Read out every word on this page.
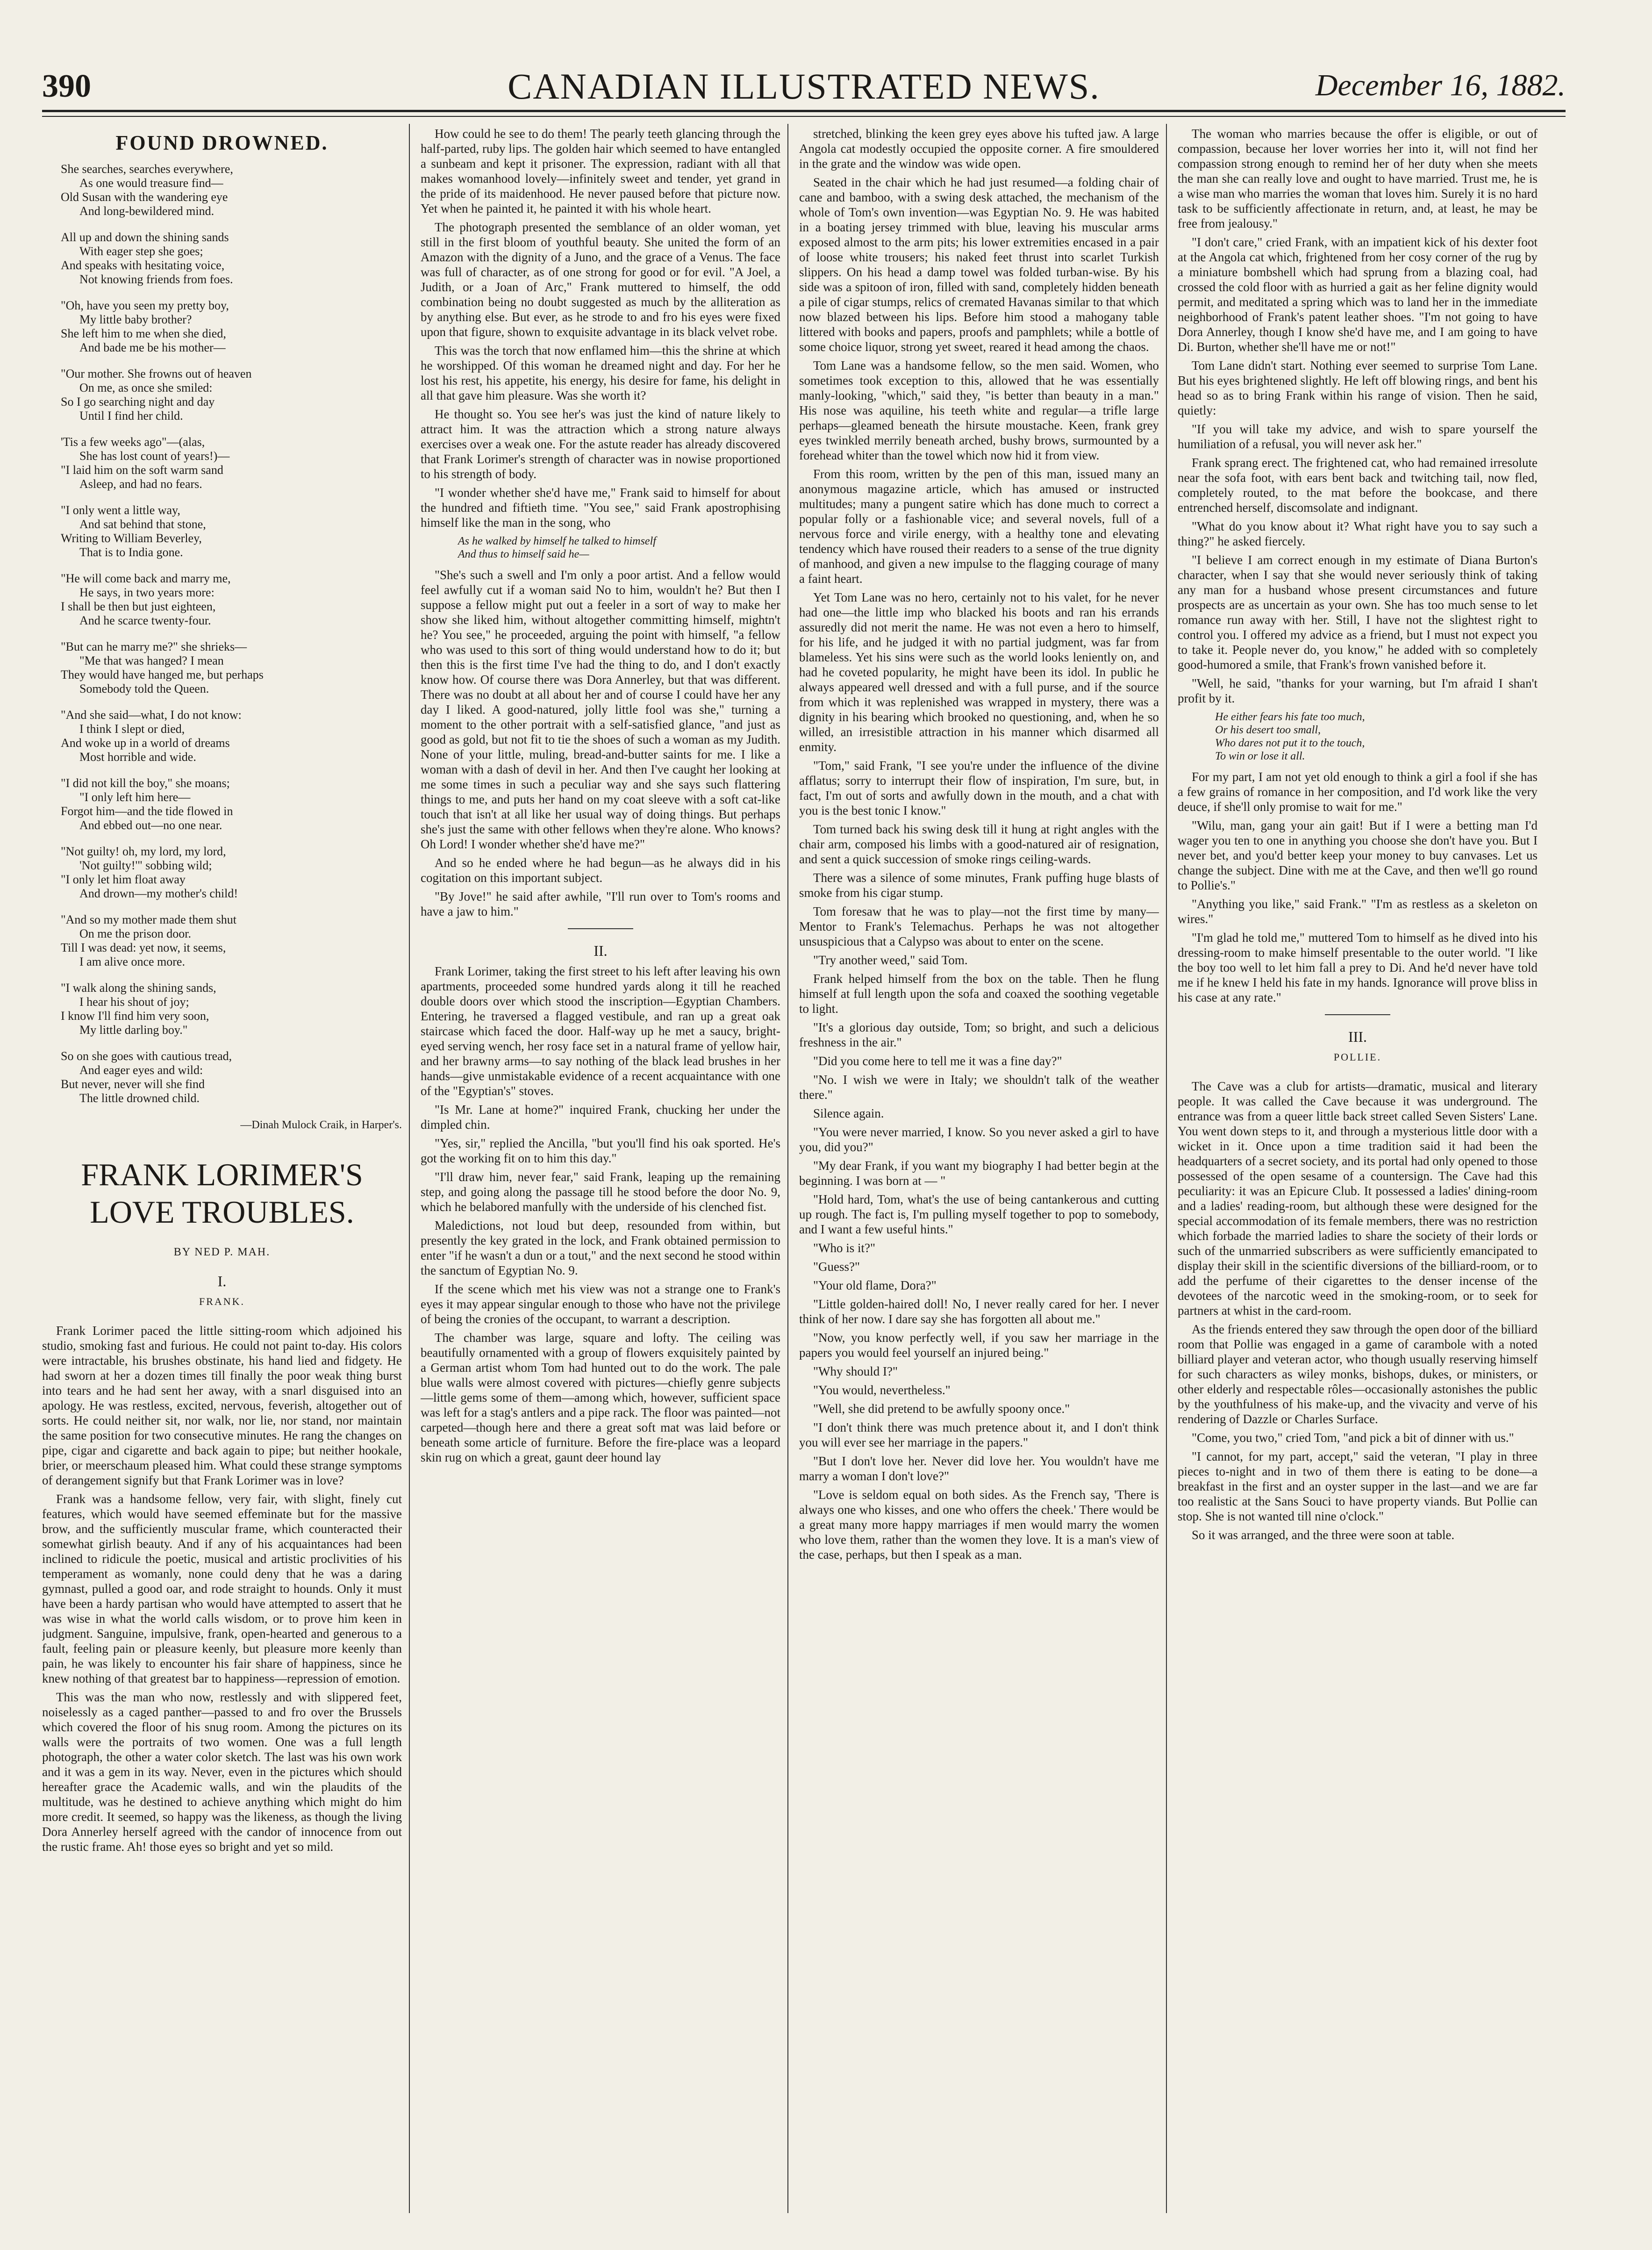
390	CANADIAN ILLUSTRATED NEWS.	December 16, 1882.
FOUND DROWNED.
She searches, searches everywhere,
As one would treasure find—
Old Susan with the wandering eye
And long-bewildered mind.
All up and down the shining sands
With eager step she goes;
And speaks with hesitating voice,
Not knowing friends from foes.
"Oh, have you seen my pretty boy,
My little baby brother?
She left him to me when she died,
And bade me be his mother—
"Our mother. She frowns out of heaven
On me, as once she smiled:
So I go searching night and day
Until I find her child.
'Tis a few weeks ago"—(alas,
She has lost count of years!)—
"I laid him on the soft warm sand
Asleep, and had no fears.
"I only went a little way,
And sat behind that stone,
Writing to William Beverley,
That is to India gone.
"He will come back and marry me,
He says, in two years more:
I shall be then but just eighteen,
And he scarce twenty-four.
"But can he marry me?" she shrieks—
"Me that was hanged? I mean
They would have hanged me, but perhaps
Somebody told the Queen.
"And she said—what, I do not know:
I think I slept or died,
And woke up in a world of dreams
Most horrible and wide.
"I did not kill the boy," she moans;
"I only left him here—
Forgot him—and the tide flowed in
And ebbed out—no one near.
"Not guilty! oh, my lord, my lord,
'Not guilty!'" sobbing wild;
"I only let him float away
And drown—my mother's child!
"And so my mother made them shut
On me the prison door.
Till I was dead: yet now, it seems,
I am alive once more.
"I walk along the shining sands,
I hear his shout of joy;
I know I'll find him very soon,
My little darling boy."
So on she goes with cautious tread,
And eager eyes and wild:
But never, never will she find
The little drowned child.
—Dinah Mulock Craik, in Harper's.
FRANK LORIMER'S LOVE TROUBLES.
BY NED P. MAH.
I.
FRANK.

Frank Lorimer paced the little sitting-room which adjoined his studio, smoking fast and furious. He could not paint to-day. His colors were intractable, his brushes obstinate, his hand lied and fidgety. He had sworn at her a dozen times till finally the poor weak thing burst into tears and he had sent her away, with a snarl disguised into an apology. He was restless, excited, nervous, feverish, altogether out of sorts. He could neither sit, nor walk, nor lie, nor stand, nor maintain the same position for two consecutive minutes. He rang the changes on pipe, cigar and cigarette and back again to pipe; but neither hookale, brier, or meerschaum pleased him. What could these strange symptoms of derangement signify but that Frank Lorimer was in love?

Frank was a handsome fellow, very fair, with slight, finely cut features, which would have seemed effeminate but for the massive brow, and the sufficiently muscular frame, which counteracted their somewhat girlish beauty. And if any of his acquaintances had been inclined to ridicule the poetic, musical and artistic proclivities of his temperament as womanly, none could deny that he was a daring gymnast, pulled a good oar, and rode straight to hounds. Only it must have been a hardy partisan who would have attempted to assert that he was wise in what the world calls wisdom, or to prove him keen in judgment. Sanguine, impulsive, frank, open-hearted and generous to a fault, feeling pain or pleasure keenly, but pleasure more keenly than pain, he was likely to encounter his fair share of happiness, since he knew nothing of that greatest bar to happiness—repression of emotion.

This was the man who now, restlessly and with slippered feet, noiselessly as a caged panther—passed to and fro over the Brussels which covered the floor of his snug room. Among the pictures on its walls were the portraits of two women. One was a full length photograph, the other a water color sketch. The last was his own work and it was a gem in its way. Never, even in the pictures which should hereafter grace the Academic walls, and win the plaudits of the multitude, was he destined to achieve anything which might do him more credit. It seemed, so happy was the likeness, as though the living Dora Annerley herself agreed with the candor of innocence from out the rustic frame. Ah! those eyes so bright and yet so mild.

How could he see to do them! The pearly teeth glancing through the half-parted, ruby lips. The golden hair which seemed to have entangled a sunbeam and kept it prisoner. The expression, radiant with all that makes womanhood lovely—infinitely sweet and tender, yet grand in the pride of its maidenhood. He never paused before that picture now. Yet when he painted it, he painted it with his whole heart.

The photograph presented the semblance of an older woman, yet still in the first bloom of youthful beauty. She united the form of an Amazon with the dignity of a Juno, and the grace of a Venus. The face was full of character, as of one strong for good or for evil. "A Joel, a Judith, or a Joan of Arc," Frank muttered to himself, the odd combination being no doubt suggested as much by the alliteration as by anything else. But ever, as he strode to and fro his eyes were fixed upon that figure, shown to exquisite advantage in its black velvet robe.

This was the torch that now enflamed him—this the shrine at which he worshipped. Of this woman he dreamed night and day. For her he lost his rest, his appetite, his energy, his desire for fame, his delight in all that gave him pleasure. Was she worth it?

He thought so. You see her's was just the kind of nature likely to attract him. It was the attraction which a strong nature always exercises over a weak one. For the astute reader has already discovered that Frank Lorimer's strength of character was in nowise proportioned to his strength of body.

"I wonder whether she'd have me," Frank said to himself for about the hundred and fiftieth time. "You see," said Frank apostrophising himself like the man in the song, who

As he walked by himself he talked to himself
And thus to himself said he—

"She's such a swell and I'm only a poor artist. And a fellow would feel awfully cut if a woman said No to him, wouldn't he? But then I suppose a fellow might put out a feeler in a sort of way to make her show she liked him, without altogether committing himself, mightn't he? You see," he proceeded, arguing the point with himself, "a fellow who was used to this sort of thing would understand how to do it; but then this is the first time I've had the thing to do, and I don't exactly know how. Of course there was Dora Annerley, but that was different. There was no doubt at all about her and of course I could have her any day I liked. A good-natured, jolly little fool was she," turning a moment to the other portrait with a self-satisfied glance, "and just as good as gold, but not fit to tie the shoes of such a woman as my Judith. None of your little, muling, bread-and-butter saints for me. I like a woman with a dash of devil in her. And then I've caught her looking at me some times in such a peculiar way and she says such flattering things to me, and puts her hand on my coat sleeve with a soft cat-like touch that isn't at all like her usual way of doing things. But perhaps she's just the same with other fellows when they're alone. Who knows? Oh Lord! I wonder whether she'd have me?"

And so he ended where he had begun—as he always did in his cogitation on this important subject.

"By Jove!" he said after awhile, "I'll run over to Tom's rooms and have a jaw to him."

II.

Frank Lorimer, taking the first street to his left after leaving his own apartments, proceeded some hundred yards along it till he reached double doors over which stood the inscription—Egyptian Chambers. Entering, he traversed a flagged vestibule, and ran up a great oak staircase which faced the door. Half-way up he met a saucy, bright-eyed serving wench, her rosy face set in a natural frame of yellow hair, and her brawny arms—to say nothing of the black lead brushes in her hands—give unmistakable evidence of a recent acquaintance with one of the "Egyptian's" stoves.

"Is Mr. Lane at home?" inquired Frank, chucking her under the dimpled chin.

"Yes, sir," replied the Ancilla, "but you'll find his oak sported. He's got the working fit on to him this day."

"I'll draw him, never fear," said Frank, leaping up the remaining step, and going along the passage till he stood before the door No. 9, which he belabored manfully with the underside of his clenched fist.

Maledictions, not loud but deep, resounded from within, but presently the key grated in the lock, and Frank obtained permission to enter "if he wasn't a dun or a tout," and the next second he stood within the sanctum of Egyptian No. 9.

If the scene which met his view was not a strange one to Frank's eyes it may appear singular enough to those who have not the privilege of being the cronies of the occupant, to warrant a description.

The chamber was large, square and lofty. The ceiling was beautifully ornamented with a group of flowers exquisitely painted by a German artist whom Tom had hunted out to do the work. The pale blue walls were almost covered with pictures—chiefly genre subjects—little gems some of them—among which, however, sufficient space was left for a stag's antlers and a pipe rack. The floor was painted—not carpeted—though here and there a great soft mat was laid before or beneath some article of furniture. Before the fire-place was a leopard skin rug on which a great, gaunt deer hound lay

stretched, blinking the keen grey eyes above his tufted jaw. A large Angola cat modestly occupied the opposite corner. A fire smouldered in the grate and the window was wide open.

Seated in the chair which he had just resumed—a folding chair of cane and bamboo, with a swing desk attached, the mechanism of the whole of Tom's own invention—was Egyptian No. 9. He was habited in a boating jersey trimmed with blue, leaving his muscular arms exposed almost to the arm pits; his lower extremities encased in a pair of loose white trousers; his naked feet thrust into scarlet Turkish slippers. On his head a damp towel was folded turban-wise. By his side was a spitoon of iron, filled with sand, completely hidden beneath a pile of cigar stumps, relics of cremated Havanas similar to that which now blazed between his lips. Before him stood a mahogany table littered with books and papers, proofs and pamphlets; while a bottle of some choice liquor, strong yet sweet, reared it head among the chaos.

Tom Lane was a handsome fellow, so the men said. Women, who sometimes took exception to this, allowed that he was essentially manly-looking, "which," said they, "is better than beauty in a man." His nose was aquiline, his teeth white and regular—a trifle large perhaps—gleamed beneath the hirsute moustache. Keen, frank grey eyes twinkled merrily beneath arched, bushy brows, surmounted by a forehead whiter than the towel which now hid it from view.

From this room, written by the pen of this man, issued many an anonymous magazine article, which has amused or instructed multitudes; many a pungent satire which has done much to correct a popular folly or a fashionable vice; and several novels, full of a nervous force and virile energy, with a healthy tone and elevating tendency which have roused their readers to a sense of the true dignity of manhood, and given a new impulse to the flagging courage of many a faint heart.

Yet Tom Lane was no hero, certainly not to his valet, for he never had one—the little imp who blacked his boots and ran his errands assuredly did not merit the name. He was not even a hero to himself, for his life, and he judged it with no partial judgment, was far from blameless. Yet his sins were such as the world looks leniently on, and had he coveted popularity, he might have been its idol. In public he always appeared well dressed and with a full purse, and if the source from which it was replenished was wrapped in mystery, there was a dignity in his bearing which brooked no questioning, and, when he so willed, an irresistible attraction in his manner which disarmed all enmity.

"Tom," said Frank, "I see you're under the influence of the divine afflatus; sorry to interrupt their flow of inspiration, I'm sure, but, in fact, I'm out of sorts and awfully down in the mouth, and a chat with you is the best tonic I know."

Tom turned back his swing desk till it hung at right angles with the chair arm, composed his limbs with a good-natured air of resignation, and sent a quick succession of smoke rings ceiling-wards.

There was a silence of some minutes, Frank puffing huge blasts of smoke from his cigar stump.

Tom foresaw that he was to play—not the first time by many—Mentor to Frank's Telemachus. Perhaps he was not altogether unsuspicious that a Calypso was about to enter on the scene.

"Try another weed," said Tom.

Frank helped himself from the box on the table. Then he flung himself at full length upon the sofa and coaxed the soothing vegetable to light.

"It's a glorious day outside, Tom; so bright, and such a delicious freshness in the air."

"Did you come here to tell me it was a fine day?"

"No. I wish we were in Italy; we shouldn't talk of the weather there."

Silence again.

"You were never married, I know. So you never asked a girl to have you, did you?"

"My dear Frank, if you want my biography I had better begin at the beginning. I was born at — "

"Hold hard, Tom, what's the use of being cantankerous and cutting up rough. The fact is, I'm pulling myself together to pop to somebody, and I want a few useful hints."

"Who is it?"

"Guess?"

"Your old flame, Dora?"

"Little golden-haired doll! No, I never really cared for her. I never think of her now. I dare say she has forgotten all about me."

"Now, you know perfectly well, if you saw her marriage in the papers you would feel yourself an injured being."

"Why should I?"

"You would, nevertheless."

"Well, she did pretend to be awfully spoony once."

"I don't think there was much pretence about it, and I don't think you will ever see her marriage in the papers."

"But I don't love her. Never did love her. You wouldn't have me marry a woman I don't love?"

"Love is seldom equal on both sides. As the French say, 'There is always one who kisses, and one who offers the cheek.' There would be a great many more happy marriages if men would marry the women who love them, rather than the women they love. It is a man's view of the case, perhaps, but then I speak as a man.

The woman who marries because the offer is eligible, or out of compassion, because her lover worries her into it, will not find her compassion strong enough to remind her of her duty when she meets the man she can really love and ought to have married. Trust me, he is a wise man who marries the woman that loves him. Surely it is no hard task to be sufficiently affectionate in return, and, at least, he may be free from jealousy."

"I don't care," cried Frank, with an impatient kick of his dexter foot at the Angola cat which, frightened from her cosy corner of the rug by a miniature bombshell which had sprung from a blazing coal, had crossed the cold floor with as hurried a gait as her feline dignity would permit, and meditated a spring which was to land her in the immediate neighborhood of Frank's patent leather shoes. "I'm not going to have Dora Annerley, though I know she'd have me, and I am going to have Di. Burton, whether she'll have me or not!"

Tom Lane didn't start. Nothing ever seemed to surprise Tom Lane. But his eyes brightened slightly. He left off blowing rings, and bent his head so as to bring Frank within his range of vision. Then he said, quietly:

"If you will take my advice, and wish to spare yourself the humiliation of a refusal, you will never ask her."

Frank sprang erect. The frightened cat, who had remained irresolute near the sofa foot, with ears bent back and twitching tail, now fled, completely routed, to the mat before the bookcase, and there entrenched herself, discomsolate and indignant.

"What do you know about it? What right have you to say such a thing?" he asked fiercely.

"I believe I am correct enough in my estimate of Diana Burton's character, when I say that she would never seriously think of taking any man for a husband whose present circumstances and future prospects are as uncertain as your own. She has too much sense to let romance run away with her. Still, I have not the slightest right to control you. I offered my advice as a friend, but I must not expect you to take it. People never do, you know," he added with so completely good-humored a smile, that Frank's frown vanished before it.

"Well, he said, "thanks for your warning, but I'm afraid I shan't profit by it.

He either fears his fate too much,
Or his desert too small,
Who dares not put it to the touch,
To win or lose it all.

For my part, I am not yet old enough to think a girl a fool if she has a few grains of romance in her composition, and I'd work like the very deuce, if she'll only promise to wait for me."

"Wilu, man, gang your ain gait! But if I were a betting man I'd wager you ten to one in anything you choose she don't have you. But I never bet, and you'd better keep your money to buy canvases. Let us change the subject. Dine with me at the Cave, and then we'll go round to Pollie's."

"Anything you like," said Frank." "I'm as restless as a skeleton on wires."

"I'm glad he told me," muttered Tom to himself as he dived into his dressing-room to make himself presentable to the outer world. "I like the boy too well to let him fall a prey to Di. And he'd never have told me if he knew I held his fate in my hands. Ignorance will prove bliss in his case at any rate."

III.
POLLIE.

The Cave was a club for artists—dramatic, musical and literary people. It was called the Cave because it was underground. The entrance was from a queer little back street called Seven Sisters' Lane. You went down steps to it, and through a mysterious little door with a wicket in it. Once upon a time tradition said it had been the headquarters of a secret society, and its portal had only opened to those possessed of the open sesame of a countersign. The Cave had this peculiarity: it was an Epicure Club. It possessed a ladies' dining-room and a ladies' reading-room, but although these were designed for the special accommodation of its female members, there was no restriction which forbade the married ladies to share the society of their lords or such of the unmarried subscribers as were sufficiently emancipated to display their skill in the scientific diversions of the billiard-room, or to add the perfume of their cigarettes to the denser incense of the devotees of the narcotic weed in the smoking-room, or to seek for partners at whist in the card-room.

As the friends entered they saw through the open door of the billiard room that Pollie was engaged in a game of carambole with a noted billiard player and veteran actor, who though usually reserving himself for such characters as wiley monks, bishops, dukes, or ministers, or other elderly and respectable rôles—occasionally astonishes the public by the youthfulness of his make-up, and the vivacity and verve of his rendering of Dazzle or Charles Surface.

"Come, you two," cried Tom, "and pick a bit of dinner with us."

"I cannot, for my part, accept," said the veteran, "I play in three pieces to-night and in two of them there is eating to be done—a breakfast in the first and an oyster supper in the last—and we are far too realistic at the Sans Souci to have property viands. But Pollie can stop. She is not wanted till nine o'clock."

So it was arranged, and the three were soon at table.
